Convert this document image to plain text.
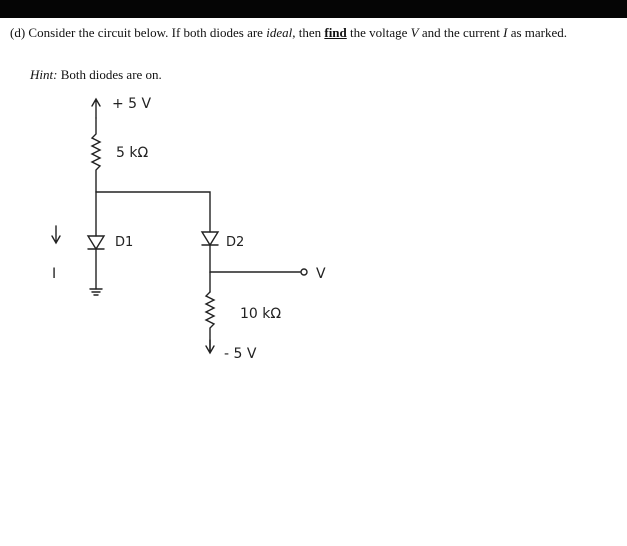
(d) Consider the circuit below. If both diodes are ideal, then find the voltage V and the current I as marked.
Hint: Both diodes are on.
+ 5 V
5 kΩ
D1	D2
V
I
10 kΩ
- 5 V
